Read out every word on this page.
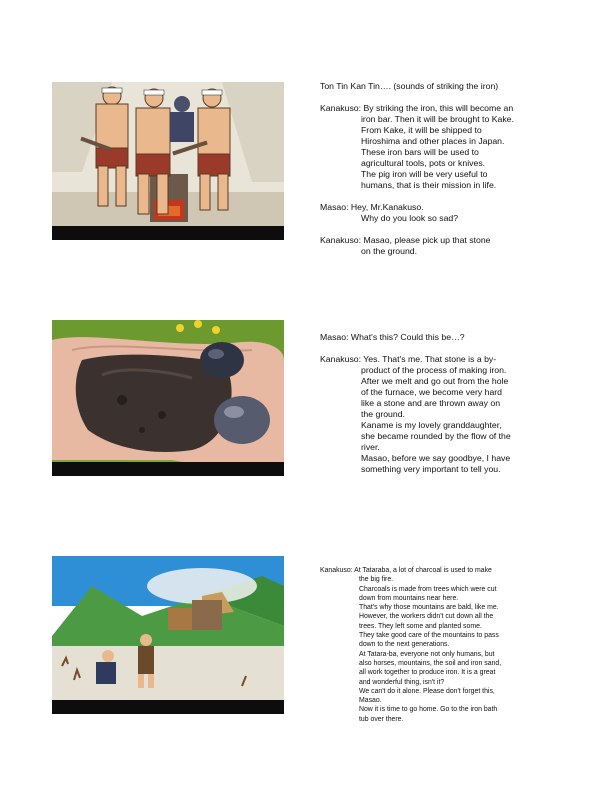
Ton Tin Kan Tin…. (sounds of striking the iron)
Kanakuso: By striking the iron, this will become an
iron bar. Then it will be brought to Kake.
From Kake, it will be shipped to
Hiroshima and other places in Japan.
These iron bars will be used to
agricultural tools, pots or knives.
The pig iron will be very useful to
humans, that is their mission in life.
Masao: Hey, Mr.Kanakuso.
Why do you look so sad?
Kanakuso: Masao, please pick up that stone
on the ground.
Masao: What's this? Could this be…?
Kanakuso: Yes. That's me. That stone is a by-
product of the process of making iron.
After we melt and go out from the hole
of the furnace, we become very hard
like a stone and are thrown away on
the ground.
Kaname is my lovely granddaughter,
she became rounded by the flow of the
river.
Masao, before we say goodbye, I have
something very important to tell you.
Kanakuso: At Tataraba, a lot of charcoal is used to make
the big fire.
Charcoals is made from trees which were cut
down from mountains near here.
That's why those mountains are bald, like me.
However, the workers didn't cut down all the
trees. They left some and planted some.
They take good care of the mountains to pass
down to the next generations.
At Tatara-ba, everyone not only humans, but
also horses, mountains, the soil and iron sand,
all work together to produce iron. It is a great
and wonderful thing, isn't it?
We can't do it alone. Please don't forget this,
Masao.
Now it is time to go home. Go to the iron bath
tub over there.
